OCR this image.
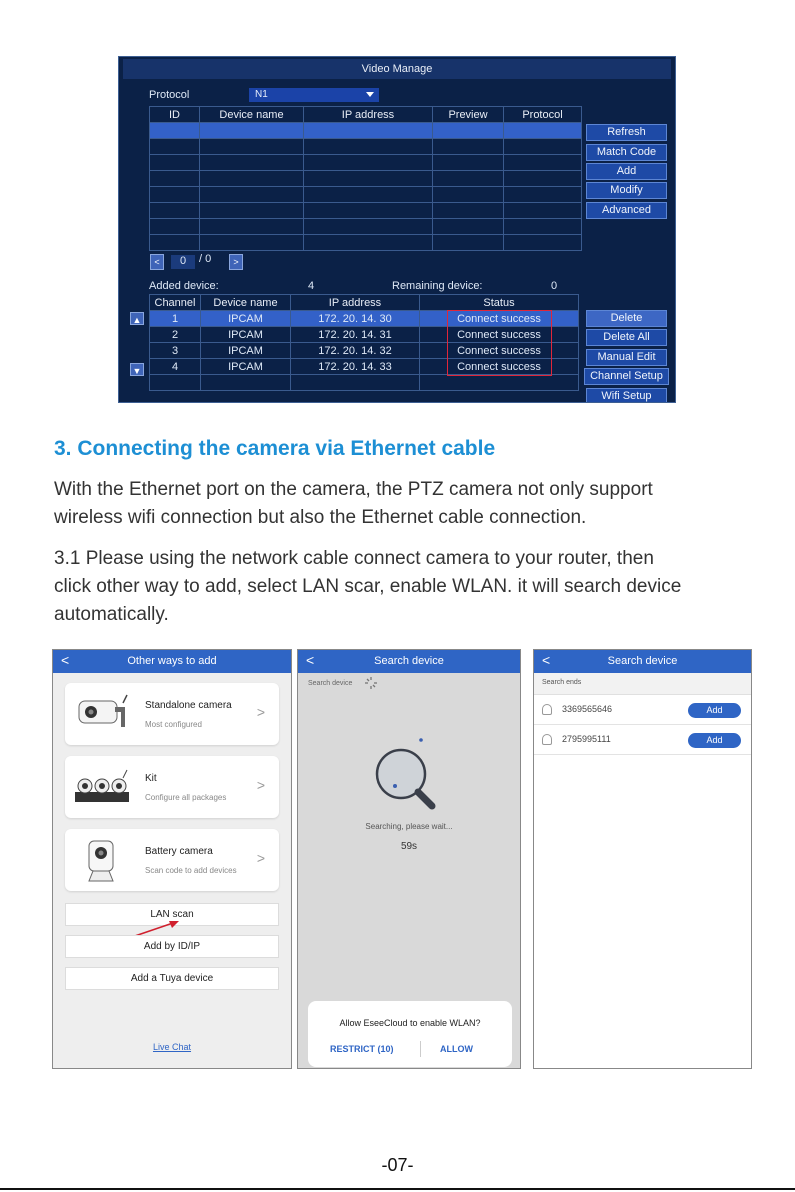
Video Manage
Protocol	N1
ID	Device name	IP address	Preview	Protocol

<	0	/ 0	>
Added device:	4	Remaining device:	0
Channel	Device name	IP address	Status
1	IPCAM	172. 20. 14. 30	Connect success
2	IPCAM	172. 20. 14. 31	Connect success
3	IPCAM	172. 20. 14. 32	Connect success
4	IPCAM	172. 20. 14. 33	Connect success

▲
▼
Refresh
Match Code
Add
Modify
Advanced
Delete
Delete All
Manual Edit
Channel Setup
Wifi Setup
3. Connecting the camera via Ethernet cable
With the Ethernet port on the camera, the PTZ camera not only support
wireless wifi connection but also the Ethernet cable connection.
3.1 Please using the network cable connect camera to your router, then
click other way to add, select LAN scar, enable WLAN. it will search device
automatically.
<	Other ways to add
Standalone camera
Most configured
>
Kit
Configure all packages
>
Battery camera
Scan code to add devices
>
LAN scan
Add by ID/IP
Add a Tuya device
Live Chat
<	Search device
Search device
Searching, please wait...
59s
Allow EseeCloud to enable WLAN?
RESTRICT (10)	ALLOW
<	Search device
Search ends
3369565646	Add
2795995111	Add
-07-
